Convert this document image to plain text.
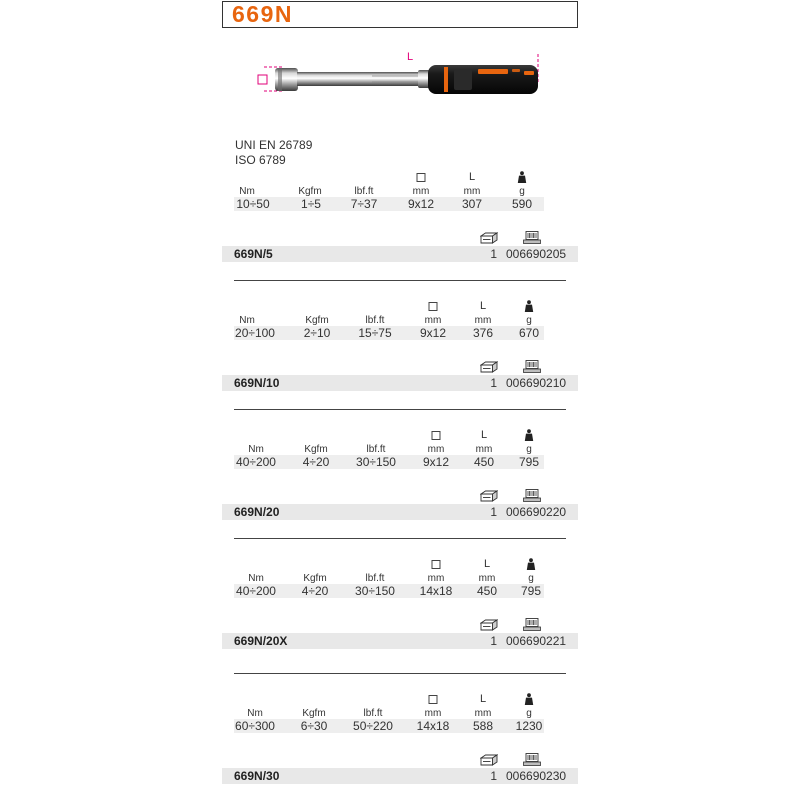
669N
L
UNI EN 26789
ISO 6789
L
Nm	Kgfm	lbf.ft	mm	mm	g
10÷50	1÷5 7÷37	9x12 307 590
669N/5	1 006690205
L
Nm	Kgfm	lbf.ft	mm	mm	g
20÷100 2÷10 15÷75 9x12 376 670
669N/10	1 006690210
L
Nm	Kgfm	lbf.ft	mm	mm	g
40÷200 4÷20 30÷150 9x12 450 795
669N/20	1 006690220
L
Nm	Kgfm	lbf.ft	mm	mm	g
40÷200 4÷20 30÷150 14x18 450 795
669N/20X	1 006690221
L
Nm	Kgfm	lbf.ft	mm	mm	g
60÷300 6÷30 50÷220 14x18 588 1230
669N/30	1 006690230
